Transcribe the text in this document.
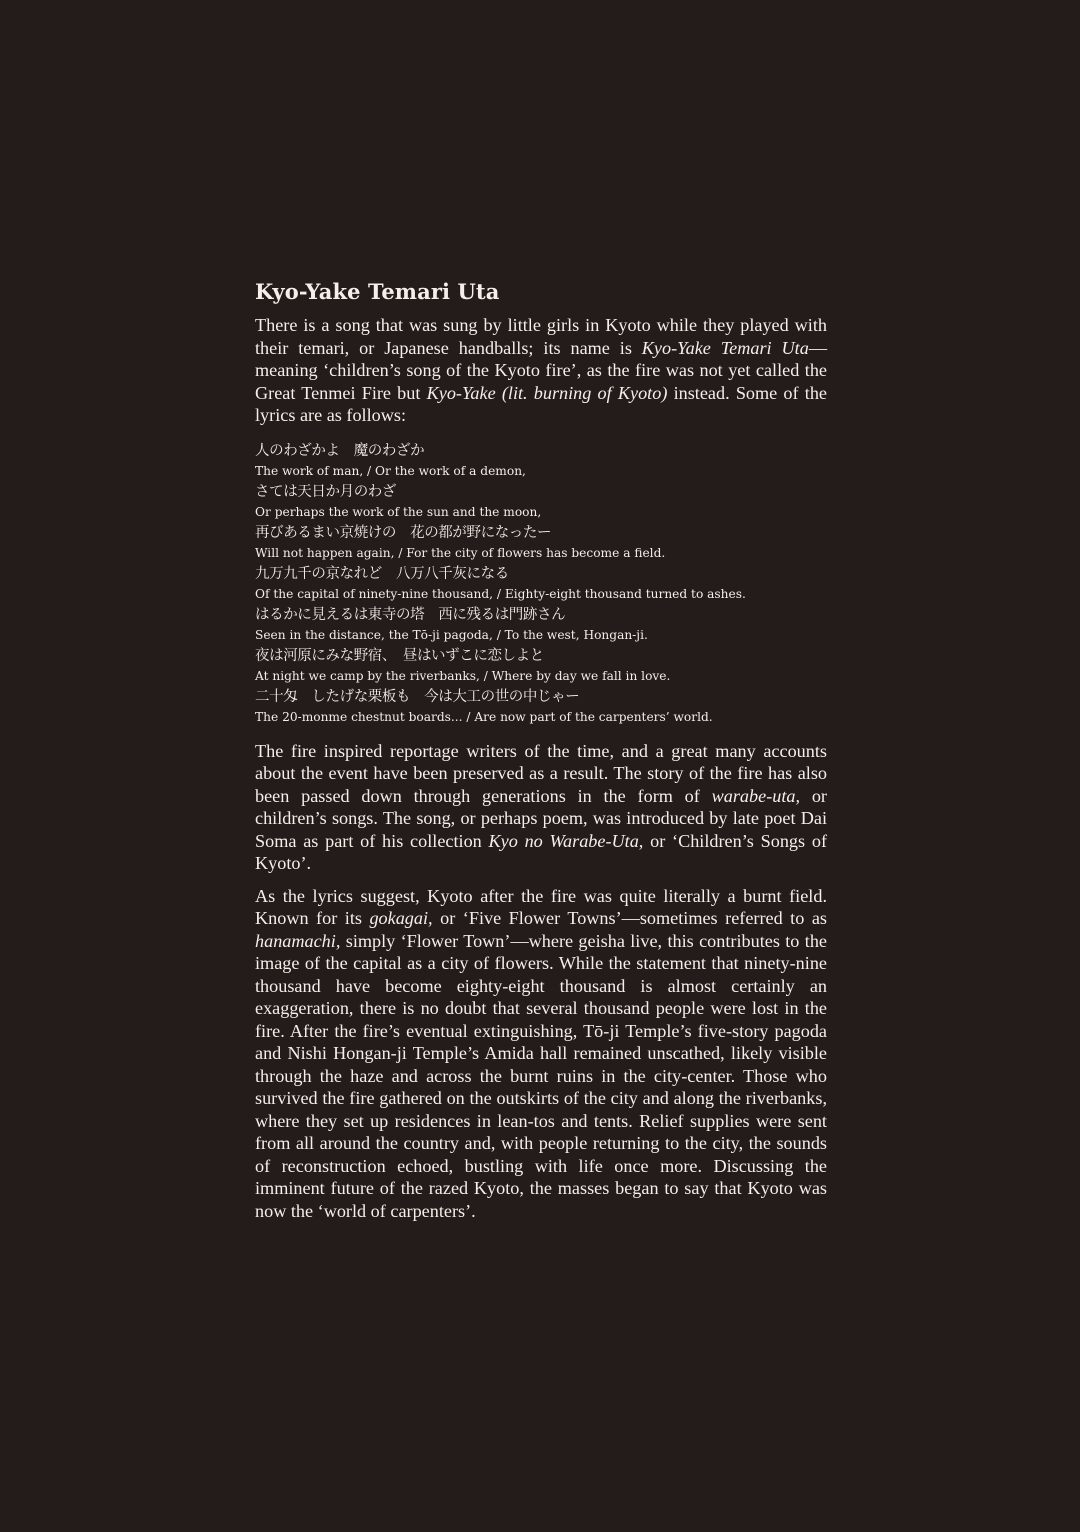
Kyo-Yake Temari Uta

There is a song that was sung by little girls in Kyoto while they played with their temari, or Japanese handballs; its name is Kyo-Yake Temari Uta—meaning ‘children’s song of the Kyoto fire’, as the fire was not yet called the Great Tenmei Fire but Kyo-Yake (lit. burning of Kyoto) instead. Some of the lyrics are as follows:

人のわざかよ　魔のわざか
The work of man, / Or the work of a demon,
さては天日か月のわざ
Or perhaps the work of the sun and the moon,
再びあるまい京焼けの　花の都が野になったー
Will not happen again, / For the city of flowers has become a field.
九万九千の京なれど　八万八千灰になる
Of the capital of ninety-nine thousand, / Eighty-eight thousand turned to ashes.
はるかに見えるは東寺の塔　西に残るは門跡さん
Seen in the distance, the Tō-ji pagoda, / To the west, Hongan-ji.
夜は河原にみな野宿、　昼はいずこに恋しよと
At night we camp by the riverbanks, / Where by day we fall in love.
二十匁　したげな栗板も　今は大工の世の中じゃー
The 20-monme chestnut boards... / Are now part of the carpenters’ world.

The fire inspired reportage writers of the time, and a great many accounts about the event have been preserved as a result. The story of the fire has also been passed down through generations in the form of warabe-uta, or children’s songs. The song, or perhaps poem, was introduced by late poet Dai Soma as part of his collection Kyo no Warabe-Uta, or ‘Children’s Songs of Kyoto’.

As the lyrics suggest, Kyoto after the fire was quite literally a burnt field. Known for its gokagai, or ‘Five Flower Towns’—sometimes referred to as hanamachi, simply ‘Flower Town’—where geisha live, this contributes to the image of the capital as a city of flowers. While the statement that ninety-nine thousand have become eighty-eight thousand is almost certainly an exaggeration, there is no doubt that several thousand people were lost in the fire. After the fire’s eventual extinguishing, Tō-ji Temple’s five-story pagoda and Nishi Hongan-ji Temple’s Amida hall remained unscathed, likely visible through the haze and across the burnt ruins in the city-center. Those who survived the fire gathered on the outskirts of the city and along the riverbanks, where they set up residences in lean-tos and tents. Relief supplies were sent from all around the country and, with people returning to the city, the sounds of reconstruction echoed, bustling with life once more. Discussing the imminent future of the razed Kyoto, the masses began to say that Kyoto was now the ‘world of carpenters’.
